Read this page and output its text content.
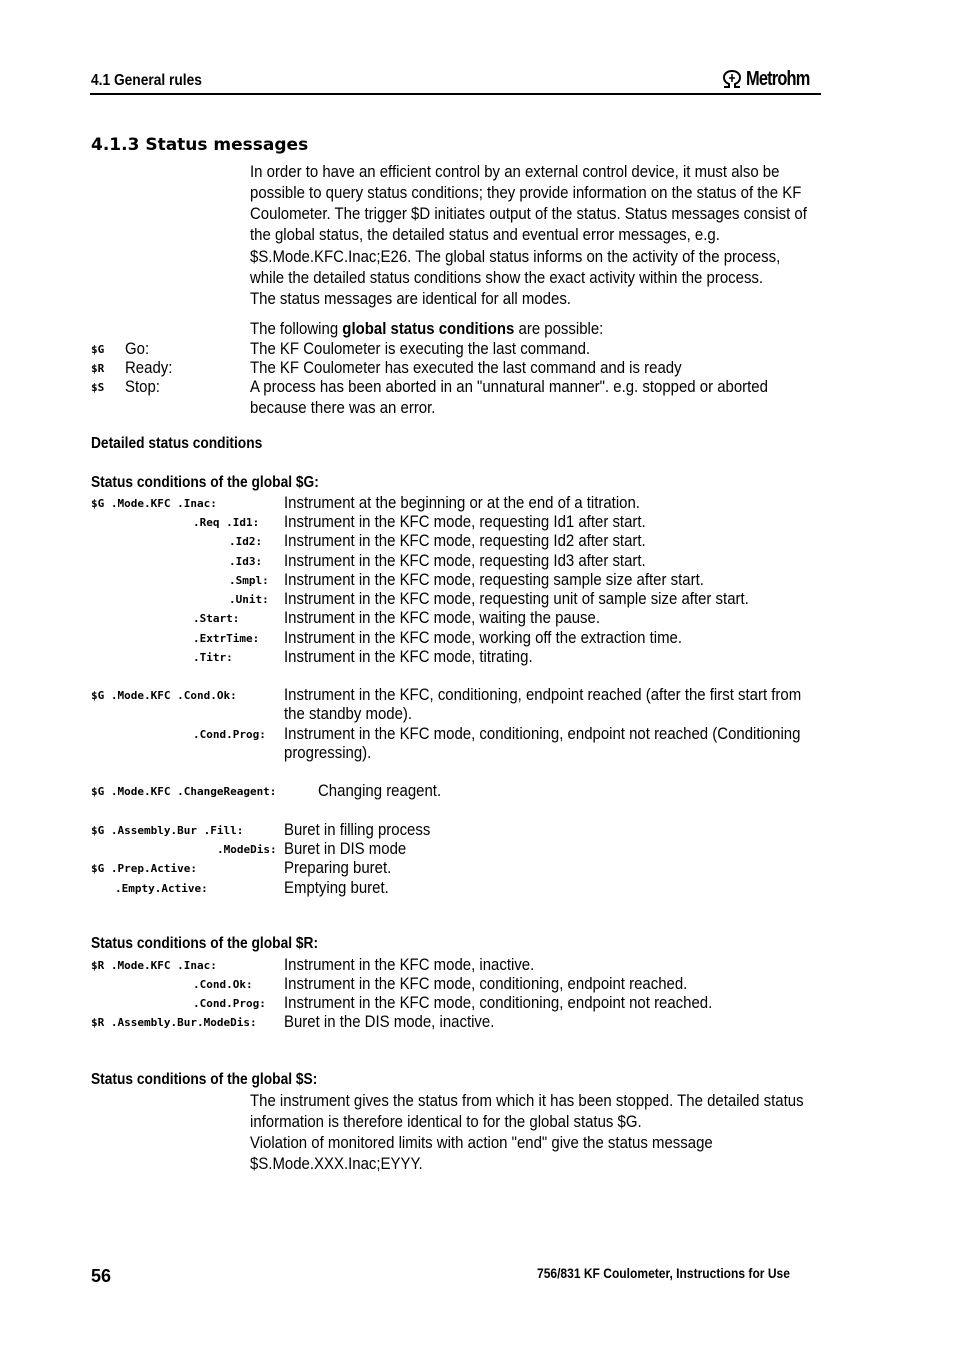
4.1 General rules	Metrohm
4.1.3 Status messages
In order to have an efficient control by an external control device, it must also be
possible to query status conditions; they provide information on the status of the KF
Coulometer. The trigger $D initiates output of the status. Status messages consist of
the global status, the detailed status and eventual error messages, e.g.
$S.Mode.KFC.Inac;E26. The global status informs on the activity of the process,
while the detailed status conditions show the exact activity within the process.
The status messages are identical for all modes.
The following global status conditions are possible:
$G Go:	The KF Coulometer is executing the last command.
$R Ready:	The KF Coulometer has executed the last command and is ready
$S Stop:	A process has been aborted in an "unnatural manner". e.g. stopped or aborted
because there was an error.
Detailed status conditions
Status conditions of the global $G:
$G .Mode.KFC .Inac:	Instrument at the beginning or at the end of a titration.
.Req .Id1: Instrument in the KFC mode, requesting Id1 after start.
.Id2: Instrument in the KFC mode, requesting Id2 after start.
.Id3: Instrument in the KFC mode, requesting Id3 after start.
.Smpl: Instrument in the KFC mode, requesting sample size after start.
.Unit: Instrument in the KFC mode, requesting unit of sample size after start.
.Start:	Instrument in the KFC mode, waiting the pause.
.ExtrTime: Instrument in the KFC mode, working off the extraction time.
.Titr:	Instrument in the KFC mode, titrating.
$G .Mode.KFC .Cond.Ok:	Instrument in the KFC, conditioning, endpoint reached (after the first start from
the standby mode).
.Cond.Prog: Instrument in the KFC mode, conditioning, endpoint not reached (Conditioning
progressing).
$G .Mode.KFC .ChangeReagent: Changing reagent.
$G .Assembly.Bur .Fill: Buret in filling process
.ModeDis: Buret in DIS mode
$G .Prep.Active:	Preparing buret.
.Empty.Active:	Emptying buret.
Status conditions of the global $R:
$R .Mode.KFC .Inac:	Instrument in the KFC mode, inactive.
.Cond.Ok: Instrument in the KFC mode, conditioning, endpoint reached.
.Cond.Prog: Instrument in the KFC mode, conditioning, endpoint not reached.
$R .Assembly.Bur.ModeDis: Buret in the DIS mode, inactive.
Status conditions of the global $S:
The instrument gives the status from which it has been stopped. The detailed status
information is therefore identical to for the global status $G.
Violation of monitored limits with action "end" give the status message
$S.Mode.XXX.Inac;EYYY.
56	756/831 KF Coulometer, Instructions for Use
